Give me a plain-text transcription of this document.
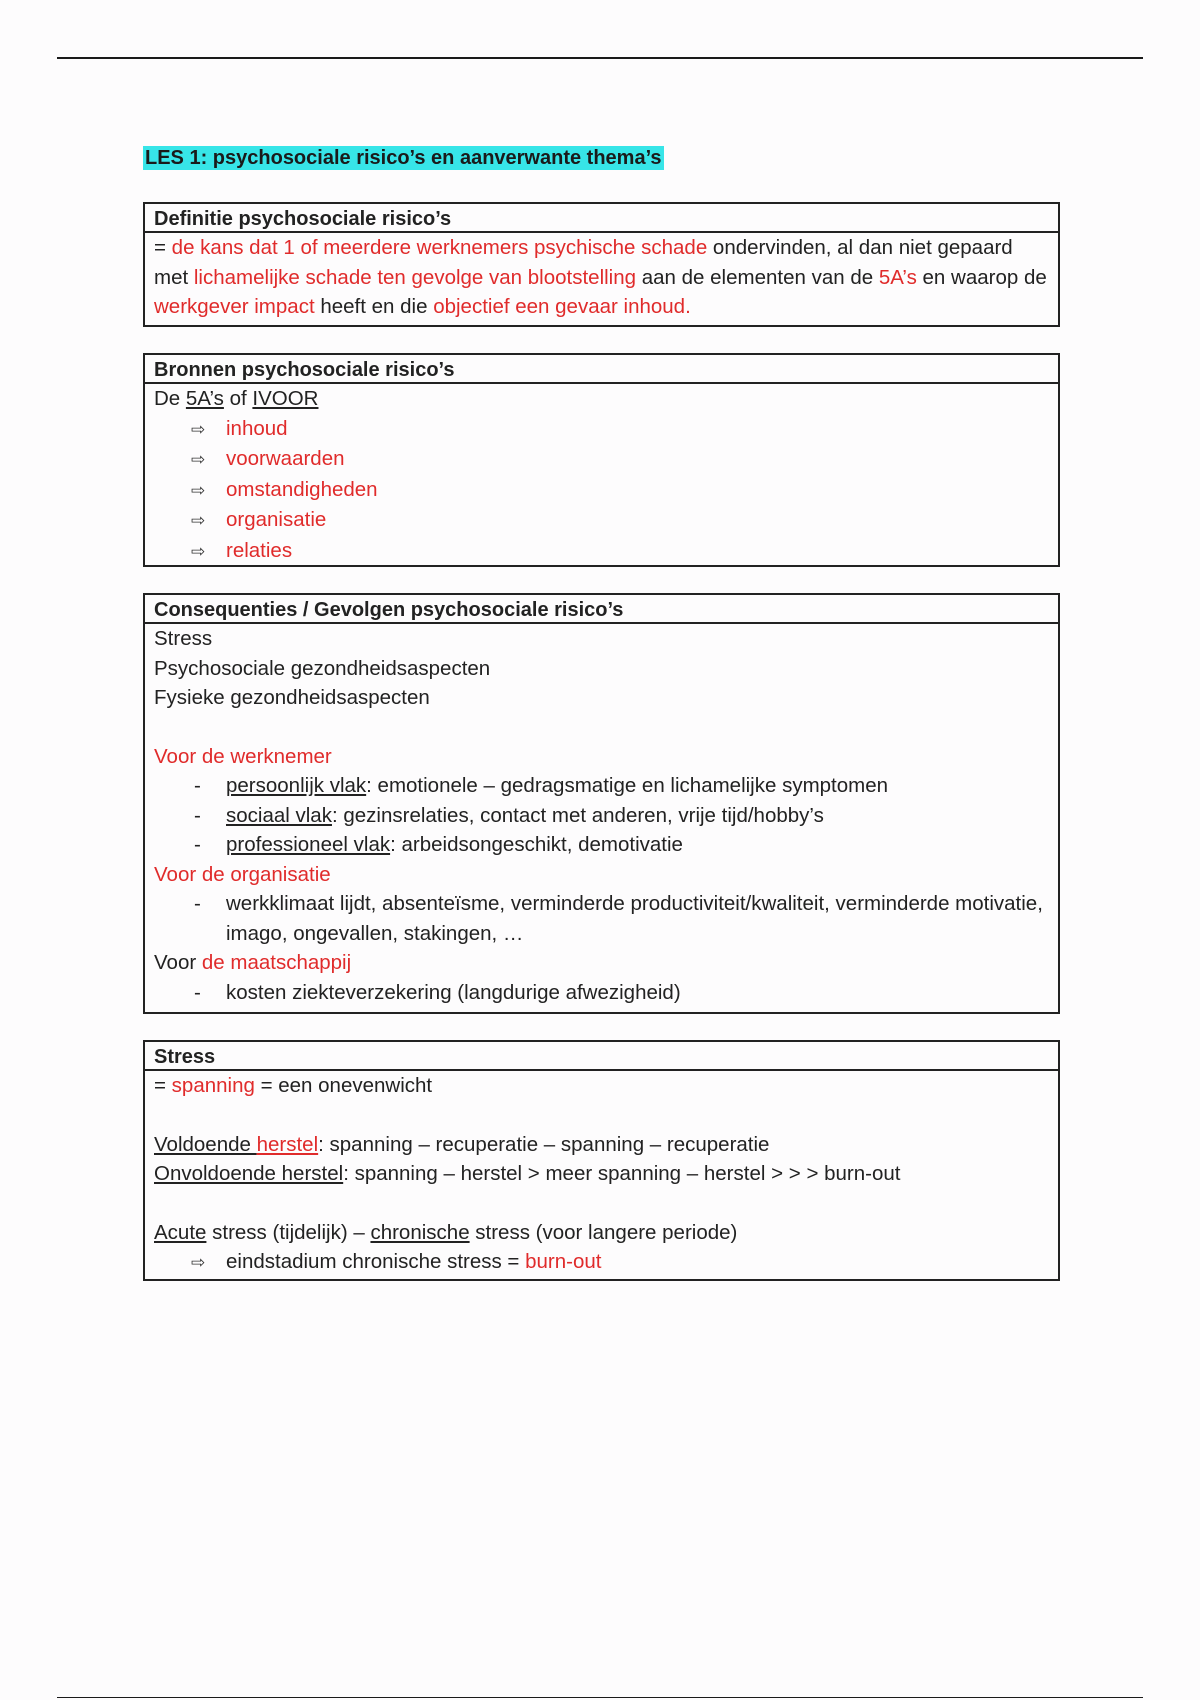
LES 1: psychosociale risico’s en aanverwante thema’s
Definitie psychosociale risico’s
= de kans dat 1 of meerdere werknemers psychische schade ondervinden, al dan niet gepaard met lichamelijke schade ten gevolge van blootstelling aan de elementen van de 5A’s en waarop de werkgever impact heeft en die objectief een gevaar inhoud.
Bronnen psychosociale risico’s
De 5A’s of IVOOR
⇨ inhoud
⇨ voorwaarden
⇨ omstandigheden
⇨ organisatie
⇨ relaties
Consequenties / Gevolgen psychosociale risico’s
Stress
Psychosociale gezondheidsaspecten
Fysieke gezondheidsaspecten
Voor de werknemer
- persoonlijk vlak: emotionele – gedragsmatige en lichamelijke symptomen
- sociaal vlak: gezinsrelaties, contact met anderen, vrije tijd/hobby’s
- professioneel vlak: arbeidsongeschikt, demotivatie
Voor de organisatie
- werkklimaat lijdt, absenteïsme, verminderde productiviteit/kwaliteit, verminderde motivatie, imago, ongevallen, stakingen, …
Voor de maatschappij
- kosten ziekteverzekering (langdurige afwezigheid)
Stress
= spanning = een onevenwicht
Voldoende herstel: spanning – recuperatie – spanning – recuperatie
Onvoldoende herstel: spanning – herstel > meer spanning – herstel > > > burn-out
Acute stress (tijdelijk) – chronische stress (voor langere periode)
⇨ eindstadium chronische stress = burn-out
